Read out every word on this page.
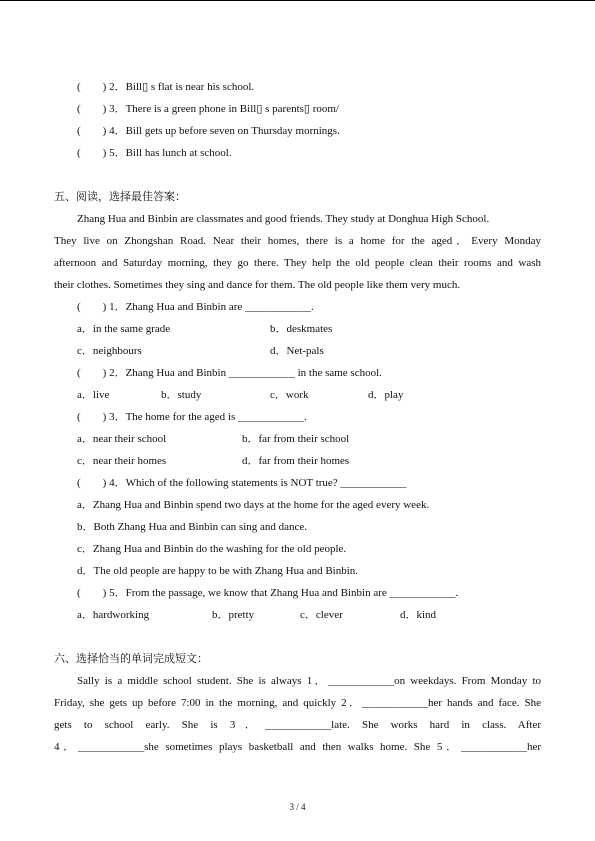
(        ) 2．Bill▯ s flat is near his school.
(        ) 3．There is a green phone in Bill▯ s parents▯ room/
(        ) 4．Bill gets up before seven on Thursday mornings.
(        ) 5．Bill has lunch at school.
五、阅读，选择最佳答案：
Zhang Hua and Binbin are classmates and good friends. They study at Donghua High School.
They live on Zhongshan Road. Near their homes, there is a home for the aged．Every Monday
afternoon and Saturday morning, they go there. They help the old people clean their rooms and wash
their clothes. Sometimes they sing and dance for them. The old people like them very much.
(        ) 1．Zhang Hua and Binbin are ____________.
a．in the same grade	b．deskmates
c．neighbours	d．Net-pals
(        ) 2．Zhang Hua and Binbin ____________ in the same school.
a．live	b．study	c．work	d．play
(        ) 3．The home for the aged is ____________.
a．near their school	b．far from their school
c．near their homes	d．far from their homes
(        ) 4．Which of the following statements is NOT true? ____________
a．Zhang Hua and Binbin spend two days at the home for the aged every week.
b．Both Zhang Hua and Binbin can sing and dance.
c．Zhang Hua and Binbin do the washing for the old people.
d．The old people are happy to be with Zhang Hua and Binbin.
(        ) 5．From the passage, we know that Zhang Hua and Binbin are ____________.
a．hardworking	b．pretty	c．clever	d．kind
六、选择恰当的单词完成短文：
Sally is a middle school student. She is always 1．____________on weekdays. From Monday to
Friday, she gets up before 7:00 in the morning, and quickly 2．____________her hands and face. She
gets to school early. She is 3．____________late. She works hard in class. After
4．____________she sometimes plays basketball and then walks home. She 5．____________her
3 / 4
